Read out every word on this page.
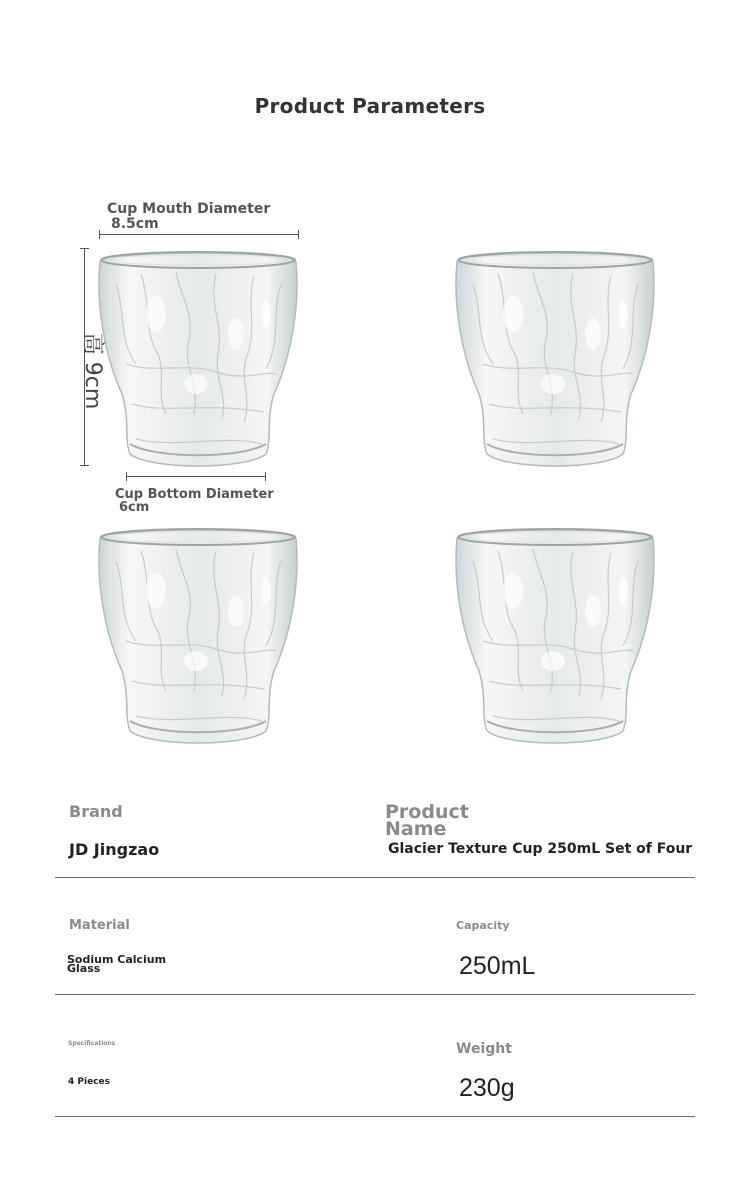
Product Parameters
Cup Mouth Diameter
8.5cm
高 9cm
Cup Bottom Diameter
6cm
Brand
JD Jingzao
Product Name
Glacier Texture Cup 250mL Set of Four
Material
Sodium Calcium Glass
Capacity
250mL
Specifications
4 Pieces
Weight
230g
